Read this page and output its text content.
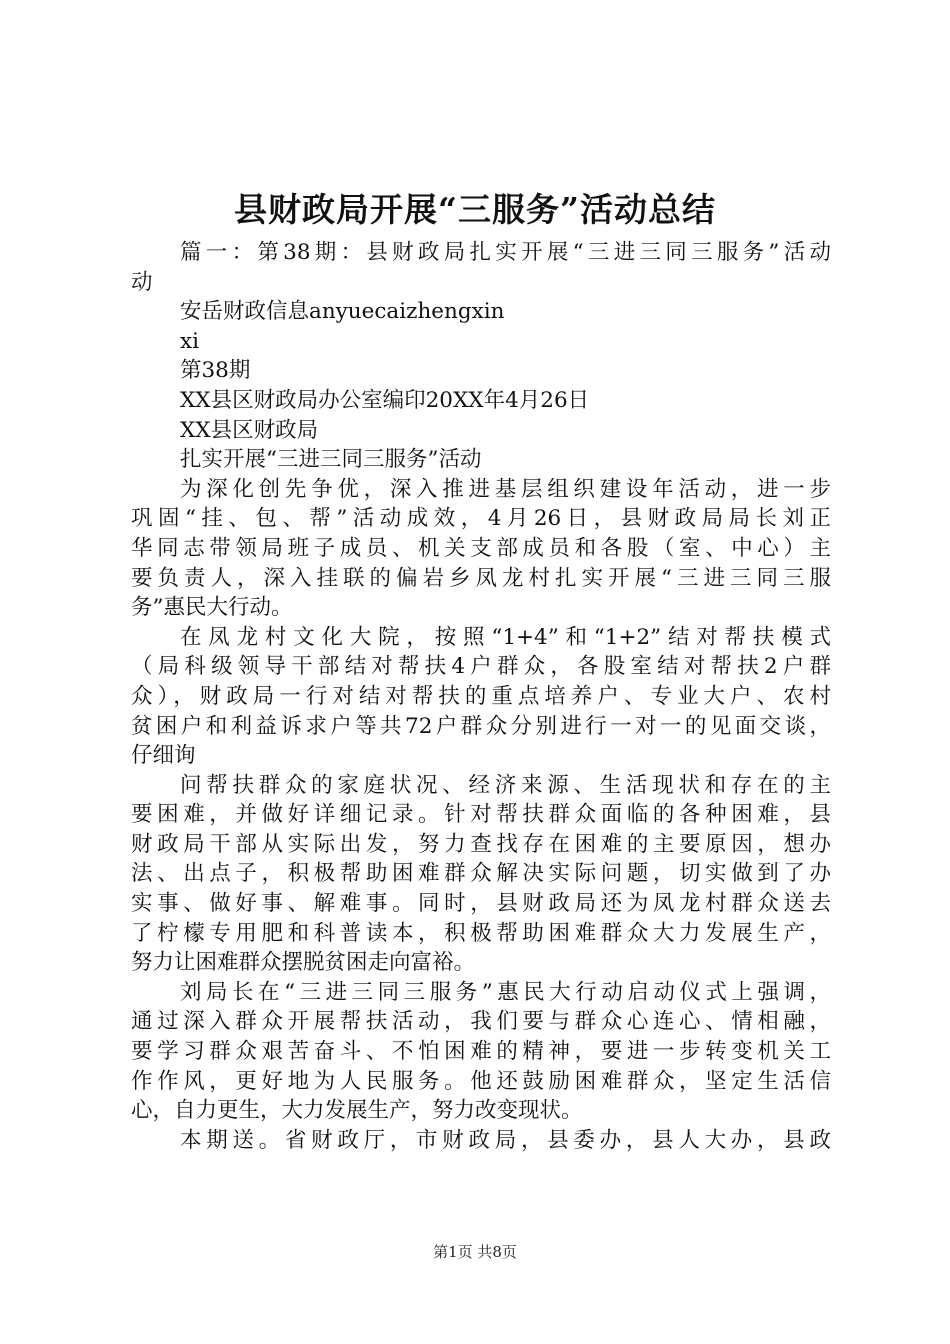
县财政局开展“三服务”活动总结
篇一：第38期：县财政局扎实开展“三进三同三服务”活动
动
安岳财政信息anyuecaizhengxin
xi
第38期
XX县区财政局办公室编印20XX年4月26日
XX县区财政局
扎实开展“三进三同三服务”活动
为深化创先争优，深入推进基层组织建设年活动，进一步
巩固“挂、包、帮”活动成效，4月26日，县财政局局长刘正
华同志带领局班子成员、机关支部成员和各股（室、中心）主
要负责人，深入挂联的偏岩乡凤龙村扎实开展“三进三同三服
务”惠民大行动。
在凤龙村文化大院，按照“1+4”和“1+2”结对帮扶模式
（局科级领导干部结对帮扶4户群众，各股室结对帮扶2户群
众），财政局一行对结对帮扶的重点培养户、专业大户、农村
贫困户和利益诉求户等共72户群众分别进行一对一的见面交谈，
仔细询
问帮扶群众的家庭状况、经济来源、生活现状和存在的主
要困难，并做好详细记录。针对帮扶群众面临的各种困难，县
财政局干部从实际出发，努力查找存在困难的主要原因，想办
法、出点子，积极帮助困难群众解决实际问题，切实做到了办
实事、做好事、解难事。同时，县财政局还为凤龙村群众送去
了柠檬专用肥和科普读本，积极帮助困难群众大力发展生产，
努力让困难群众摆脱贫困走向富裕。
刘局长在“三进三同三服务”惠民大行动启动仪式上强调，
通过深入群众开展帮扶活动，我们要与群众心连心、情相融，
要学习群众艰苦奋斗、不怕困难的精神，要进一步转变机关工
作作风，更好地为人民服务。他还鼓励困难群众，坚定生活信
心，自力更生，大力发展生产，努力改变现状。
本期送。省财政厅，市财政局，县委办，县人大办，县政
第1页 共8页
